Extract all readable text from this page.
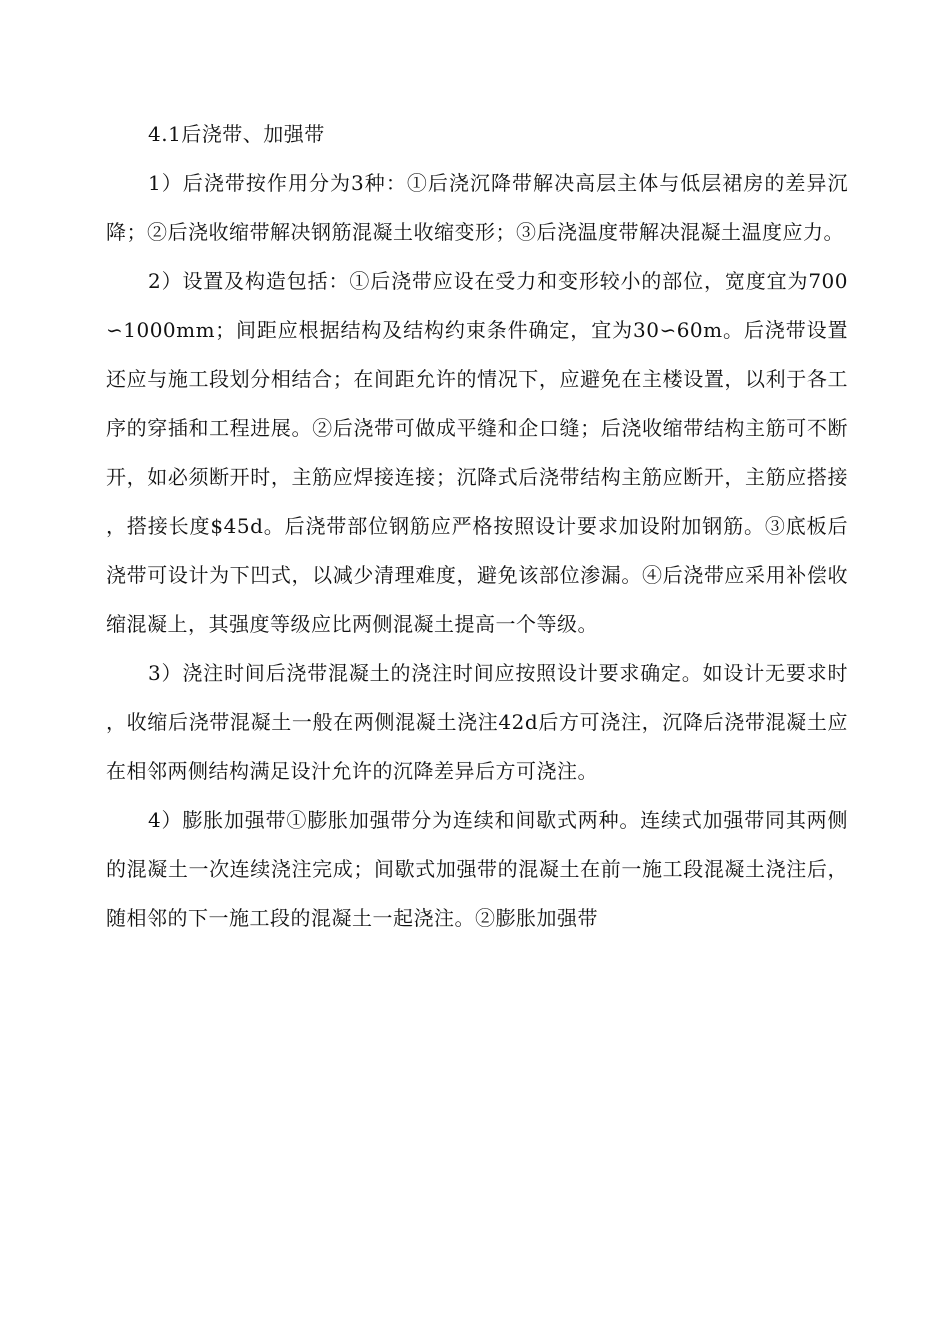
4.1后浇带、加强带

1）后浇带按作用分为3种：①后浇沉降带解决高层主体与低层裙房的差异沉降；②后浇收缩带解决钢筋混凝土收缩变形；③后浇温度带解决混凝土温度应力。

2）设置及构造包括：①后浇带应设在受力和变形较小的部位，宽度宜为700∽1000mm；间距应根据结构及结构约束条件确定，宜为30∽60m。后浇带设置还应与施工段划分相结合；在间距允许的情况下，应避免在主楼设置，以利于各工序的穿插和工程进展。②后浇带可做成平缝和企口缝；后浇收缩带结构主筋可不断开，如必须断开时，主筋应焊接连接；沉降式后浇带结构主筋应断开，主筋应搭接，搭接长度$45d。后浇带部位钢筋应严格按照设计要求加设附加钢筋。③底板后浇带可设计为下凹式，以减少清理难度，避免该部位渗漏。④后浇带应采用补偿收缩混凝上，其强度等级应比两侧混凝土提高一个等级。

3）浇注时间后浇带混凝土的浇注时间应按照设计要求确定。如设计无要求时，收缩后浇带混凝土一般在两侧混凝土浇注42d后方可浇注，沉降后浇带混凝土应在相邻两侧结构满足设汁允许的沉降差异后方可浇注。

4）膨胀加强带①膨胀加强带分为连续和间歇式两种。连续式加强带同其两侧的混凝土一次连续浇注完成；间歇式加强带的混凝土在前一施工段混凝土浇注后，随相邻的下一施工段的混凝土一起浇注。②膨胀加强带
